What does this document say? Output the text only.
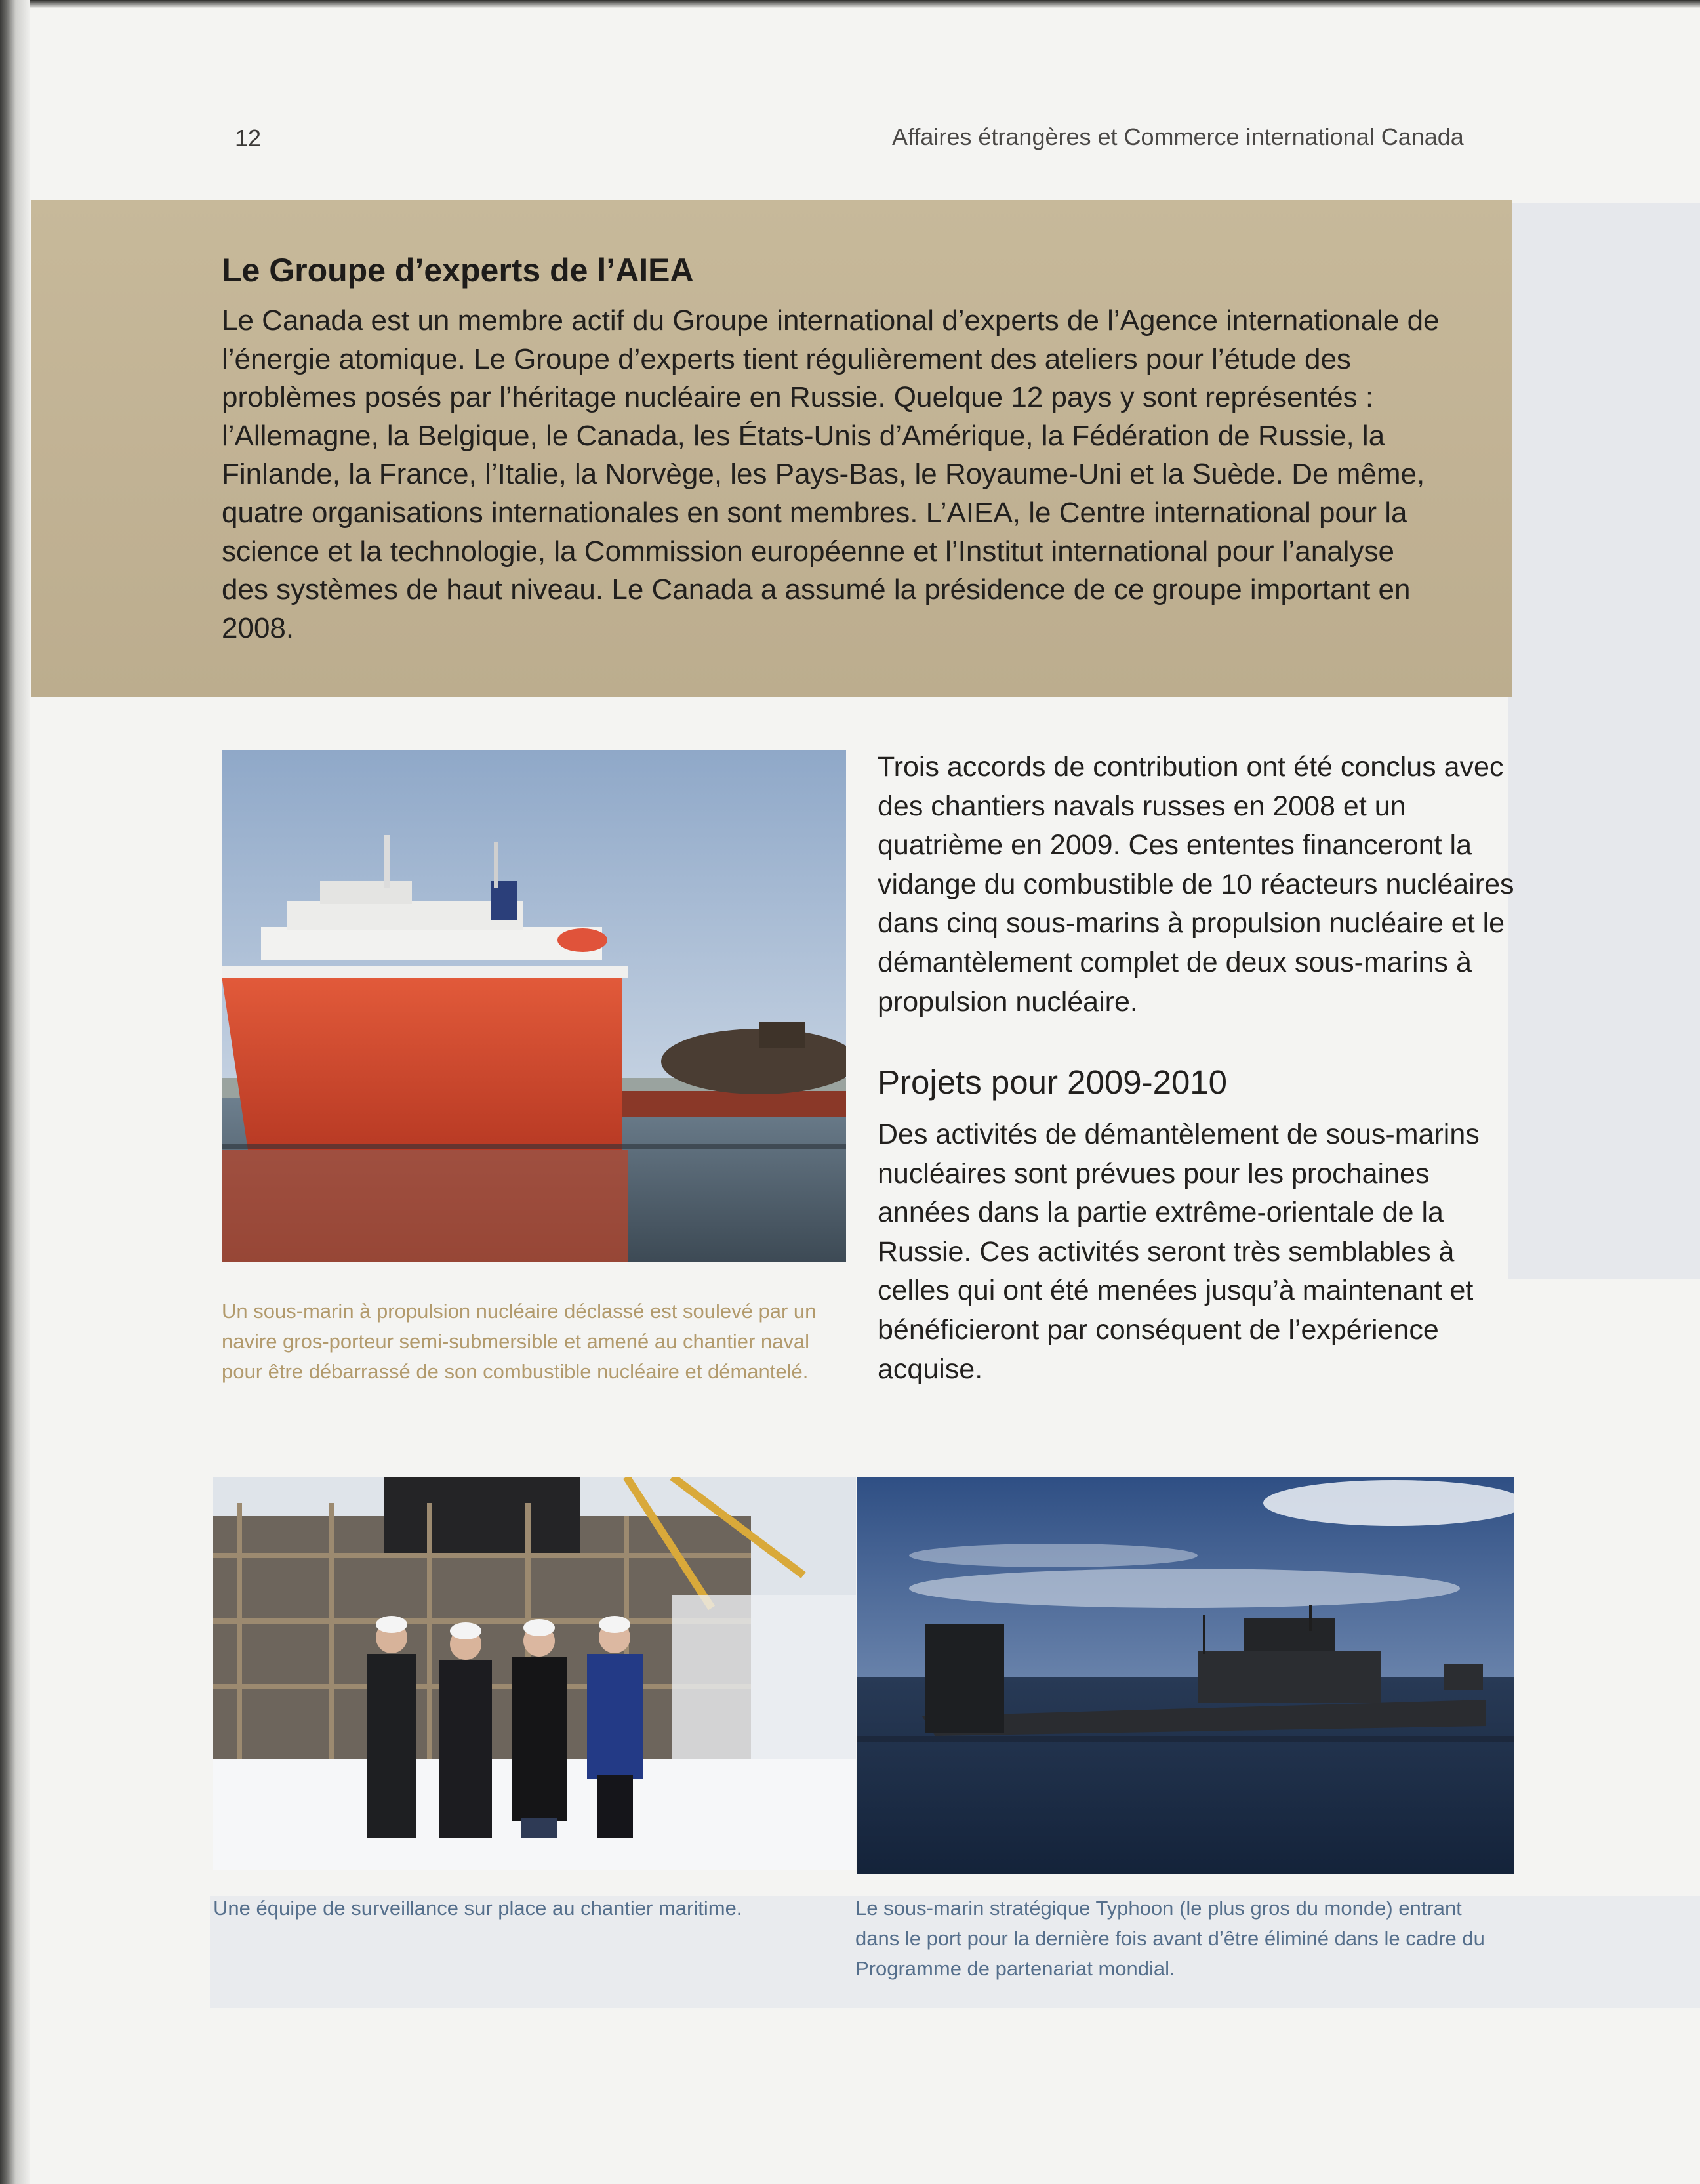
12	Affaires étrangères et Commerce international Canada
Le Groupe d’experts de l’AIEA

Le Canada est un membre actif du Groupe international d’experts de l’Agence internationale de l’énergie atomique. Le Groupe d’experts tient régulièrement des ateliers pour l’étude des problèmes posés par l’héritage nucléaire en Russie. Quelque 12 pays y sont représentés : l’Allemagne, la Belgique, le Canada, les États-Unis d’Amérique, la Fédération de Russie, la Finlande, la France, l’Italie, la Norvège, les Pays-Bas, le Royaume-Uni et la Suède. De même, quatre organisations internationales en sont membres. L’AIEA, le Centre international pour la science et la technologie, la Commission européenne et l’Institut international pour l’analyse des systèmes de haut niveau. Le Canada a assumé la présidence de ce groupe important en 2008.

Un sous-marin à propulsion nucléaire déclassé est soulevé par un navire gros-porteur semi-submersible et amené au chantier naval pour être débarrassé de son combustible nucléaire et démantelé.

Trois accords de contribution ont été conclus avec des chantiers navals russes en 2008 et un quatrième en 2009. Ces ententes financeront la vidange du combustible de 10 réacteurs nucléaires dans cinq sous-marins à propulsion nucléaire et le démantèlement complet de deux sous-marins à propulsion nucléaire.

Projets pour 2009-2010

Des activités de démantèlement de sous-marins nucléaires sont prévues pour les prochaines années dans la partie extrême-orientale de la Russie. Ces activités seront très semblables à celles qui ont été menées jusqu’à maintenant et bénéficieront par conséquent de l’expérience acquise.

Une équipe de surveillance sur place au chantier maritime.	Le sous-marin stratégique Typhoon (le plus gros du monde) entrant dans le port pour la dernière fois avant d’être éliminé dans le cadre du Programme de partenariat mondial.
